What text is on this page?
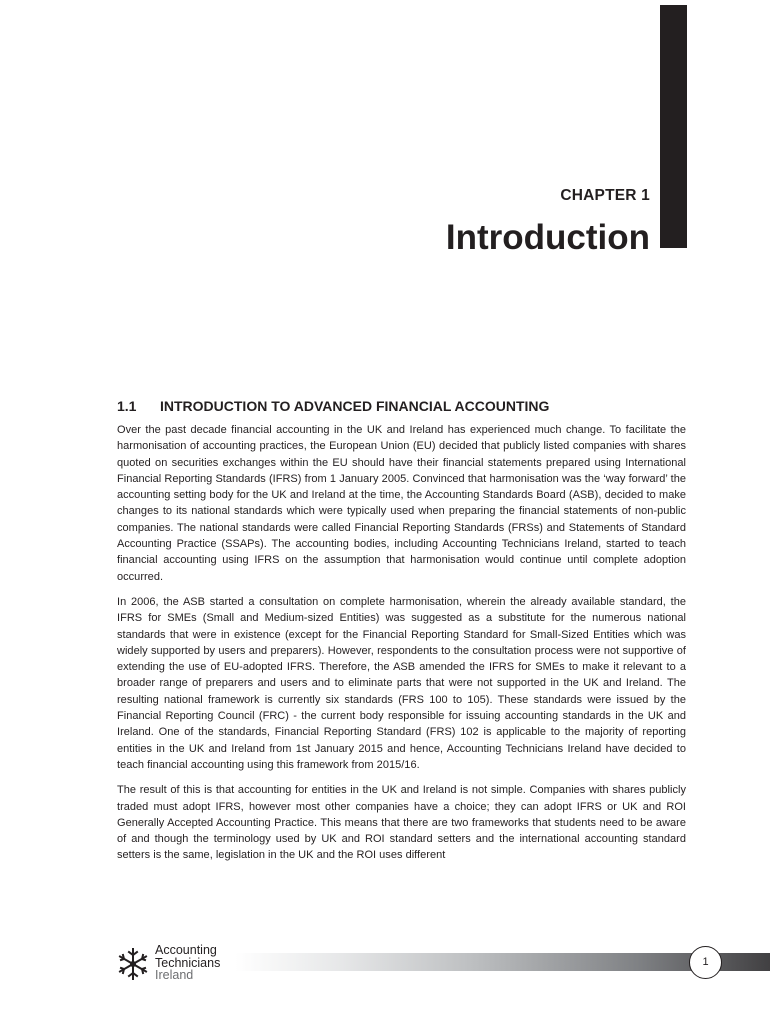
CHAPTER 1
Introduction
1.1 INTRODUCTION TO ADVANCED FINANCIAL ACCOUNTING

Over the past decade financial accounting in the UK and Ireland has experienced much change. To facilitate the harmonisation of accounting practices, the European Union (EU) decided that publicly listed companies with shares quoted on securities exchanges within the EU should have their financial statements prepared using International Financial Reporting Standards (IFRS) from 1 January 2005. Convinced that harmonisation was the ‘way forward’ the accounting setting body for the UK and Ireland at the time, the Accounting Standards Board (ASB), decided to make changes to its national standards which were typically used when preparing the financial statements of non-public companies. The national standards were called Financial Reporting Standards (FRSs) and Statements of Standard Accounting Practice (SSAPs). The accounting bodies, including Accounting Technicians Ireland, started to teach financial accounting using IFRS on the assumption that harmonisation would continue until complete adoption occurred.

In 2006, the ASB started a consultation on complete harmonisation, wherein the already available standard, the IFRS for SMEs (Small and Medium-sized Entities) was suggested as a substitute for the numerous national standards that were in existence (except for the Financial Reporting Standard for Small-Sized Entities which was widely supported by users and preparers). However, respondents to the consultation process were not supportive of extending the use of EU-adopted IFRS. Therefore, the ASB amended the IFRS for SMEs to make it relevant to a broader range of preparers and users and to eliminate parts that were not supported in the UK and Ireland. The resulting national framework is currently six standards (FRS 100 to 105). These standards were issued by the Financial Reporting Council (FRC) - the current body responsible for issuing accounting standards in the UK and Ireland. One of the standards, Financial Reporting Standard (FRS) 102 is applicable to the majority of reporting entities in the UK and Ireland from 1st January 2015 and hence, Accounting Technicians Ireland have decided to teach financial accounting using this framework from 2015/16.

The result of this is that accounting for entities in the UK and Ireland is not simple. Companies with shares publicly traded must adopt IFRS, however most other companies have a choice; they can adopt IFRS or UK and ROI Generally Accepted Accounting Practice. This means that there are two frameworks that students need to be aware of and though the terminology used by UK and ROI standard setters and the international accounting standard setters is the same, legislation in the UK and the ROI uses different

Accounting
Technicians
Ireland
1
